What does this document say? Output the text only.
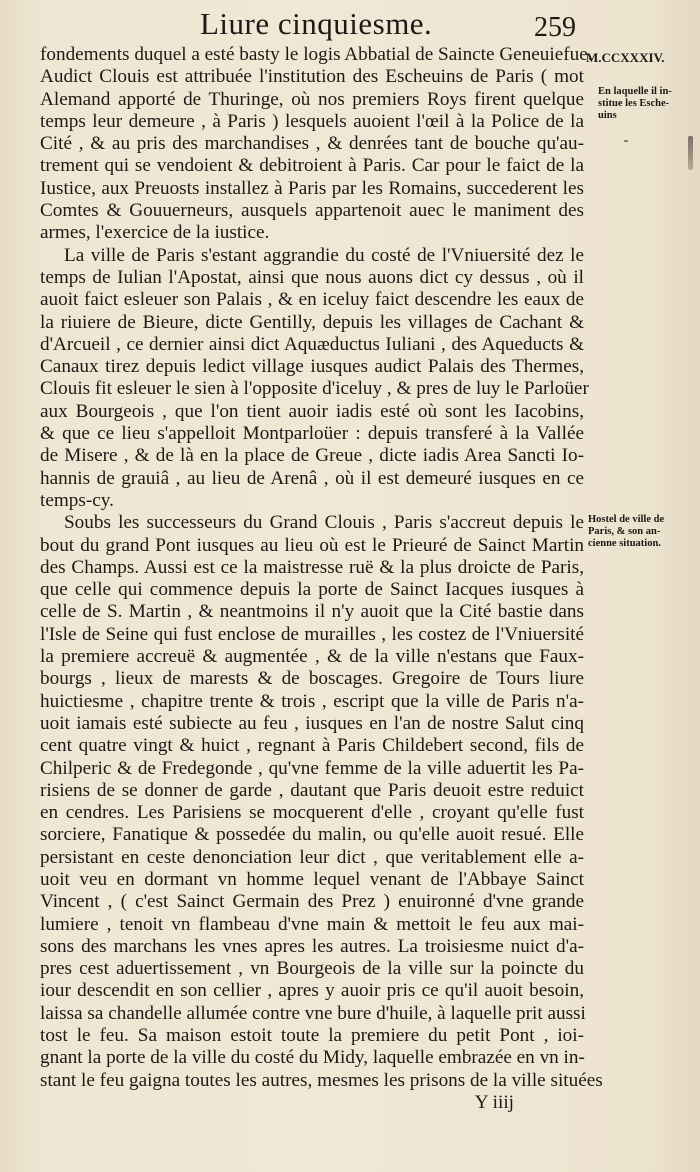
Liure cinquiesme.	259
M.CCXXXIV.
En laquelle il in-
stitue les Esche-
uins
Hostel de ville de
Paris, & son an-
cienne situation.
fondements duquel a esté basty le logis Abbatial de Saincte Geneuiefue.
Audict Clouis est attribuée l'institution des Escheuins de Paris ( mot
Alemand apporté de Thuringe, où nos premiers Roys firent quelque
temps leur demeure , à Paris ) lesquels auoient l'œil à la Police de la
Cité , & au pris des marchandises , & denrées tant de bouche qu'au-
trement qui se vendoient & debitroient à Paris. Car pour le faict de la
Iustice, aux Preuosts installez à Paris par les Romains, succederent les
Comtes & Gouuerneurs, ausquels appartenoit auec le maniment des
armes, l'exercice de la iustice.
La ville de Paris s'estant aggrandie du costé de l'Vniuersité dez le
temps de Iulian l'Apostat, ainsi que nous auons dict cy dessus , où il
auoit faict esleuer son Palais , & en iceluy faict descendre les eaux de
la riuiere de Bieure, dicte Gentilly, depuis les villages de Cachant &
d'Arcueil , ce dernier ainsi dict Aquæductus Iuliani , des Aqueducts &
Canaux tirez depuis ledict village iusques audict Palais des Thermes,
Clouis fit esleuer le sien à l'opposite d'iceluy , & pres de luy le Parloüer
aux Bourgeois , que l'on tient auoir iadis esté où sont les Iacobins,
& que ce lieu s'appelloit Montparloüer : depuis transferé à la Vallée
de Misere , & de là en la place de Greue , dicte iadis Area Sancti Io-
hannis de grauiâ , au lieu de Arenâ , où il est demeuré iusques en ce
temps-cy.
Soubs les successeurs du Grand Clouis , Paris s'accreut depuis le
bout du grand Pont iusques au lieu où est le Prieuré de Sainct Martin
des Champs. Aussi est ce la maistresse ruë & la plus droicte de Paris,
que celle qui commence depuis la porte de Sainct Iacques iusques à
celle de S. Martin , & neantmoins il n'y auoit que la Cité bastie dans
l'Isle de Seine qui fust enclose de murailles , les costez de l'Vniuersité
la premiere accreuë & augmentée , & de la ville n'estans que Faux-
bourgs , lieux de marests & de boscages. Gregoire de Tours liure
huictiesme , chapitre trente & trois , escript que la ville de Paris n'a-
uoit iamais esté subiecte au feu , iusques en l'an de nostre Salut cinq
cent quatre vingt & huict , regnant à Paris Childebert second, fils de
Chilperic & de Fredegonde , qu'vne femme de la ville aduertit les Pa-
risiens de se donner de garde , dautant que Paris deuoit estre reduict
en cendres. Les Parisiens se mocquerent d'elle , croyant qu'elle fust
sorciere, Fanatique & possedée du malin, ou qu'elle auoit resué. Elle
persistant en ceste denonciation leur dict , que veritablement elle a-
uoit veu en dormant vn homme lequel venant de l'Abbaye Sainct
Vincent , ( c'est Sainct Germain des Prez ) enuironné d'vne grande
lumiere , tenoit vn flambeau d'vne main & mettoit le feu aux mai-
sons des marchans les vnes apres les autres. La troisiesme nuict d'a-
pres cest aduertissement , vn Bourgeois de la ville sur la poincte du
iour descendit en son cellier , apres y auoir pris ce qu'il auoit besoin,
laissa sa chandelle allumée contre vne bure d'huile, à laquelle prit aussi
tost le feu. Sa maison estoit toute la premiere du petit Pont , ioi-
gnant la porte de la ville du costé du Midy, laquelle embrazée en vn in-
stant le feu gaigna toutes les autres, mesmes les prisons de la ville situées
Y iiij
